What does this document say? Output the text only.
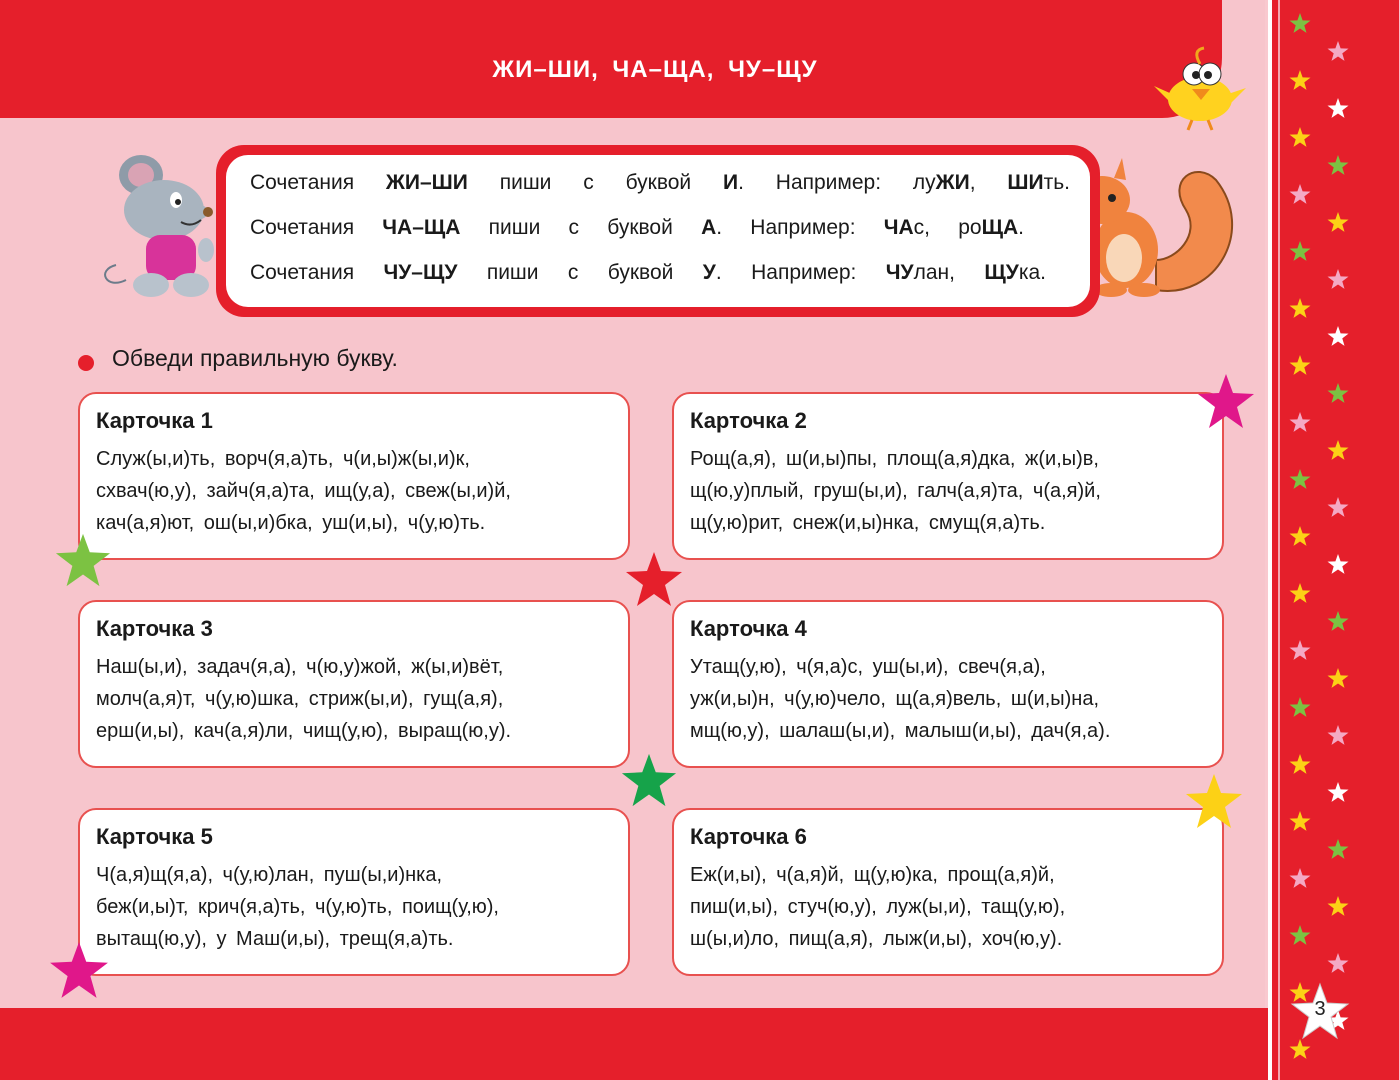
ЖИ–ШИ, ЧА–ЩА, ЧУ–ЩУ
3
Сочетания ЖИ–ШИ пиши с буквой И. Например: луЖИ, ШИть.
Сочетания ЧА–ЩА пиши с буквой А. Например: ЧАс, роЩА.
Сочетания ЧУ–ЩУ пиши с буквой У. Например: ЧУлан, ЩУка.
Обведи правильную букву.
Карточка 1
Служ(ы,и)ть, ворч(я,а)ть, ч(и,ы)ж(ы,и)к,
схвач(ю,у), зайч(я,а)та, ищ(у,а), свеж(ы,и)й,
кач(а,я)ют, ош(ы,и)бка, уш(и,ы), ч(у,ю)ть.
Карточка 2
Рощ(а,я), ш(и,ы)пы, площ(а,я)дка, ж(и,ы)в,
щ(ю,у)плый, груш(ы,и), галч(а,я)та, ч(а,я)й,
щ(у,ю)рит, снеж(и,ы)нка, смущ(я,а)ть.
Карточка 3
Наш(ы,и), задач(я,а), ч(ю,у)жой, ж(ы,и)вёт,
молч(а,я)т, ч(у,ю)шка, стриж(ы,и), гущ(а,я),
ерш(и,ы), кач(а,я)ли, чищ(у,ю), выращ(ю,у).
Карточка 4
Утащ(у,ю), ч(я,а)с, уш(ы,и), свеч(я,а),
уж(и,ы)н, ч(у,ю)чело, щ(а,я)вель, ш(и,ы)на,
мщ(ю,у), шалаш(ы,и), малыш(и,ы), дач(я,а).
Карточка 5
Ч(а,я)щ(я,а), ч(у,ю)лан, пуш(ы,и)нка,
беж(и,ы)т, крич(я,а)ть, ч(у,ю)ть, поищ(у,ю),
вытащ(ю,у), у Маш(и,ы), трещ(я,а)ть.
Карточка 6
Еж(и,ы), ч(а,я)й, щ(у,ю)ка, прощ(а,я)й,
пиш(и,ы), стуч(ю,у), луж(ы,и), тащ(у,ю),
ш(ы,и)ло, пищ(а,я), лыж(и,ы), хоч(ю,у).
